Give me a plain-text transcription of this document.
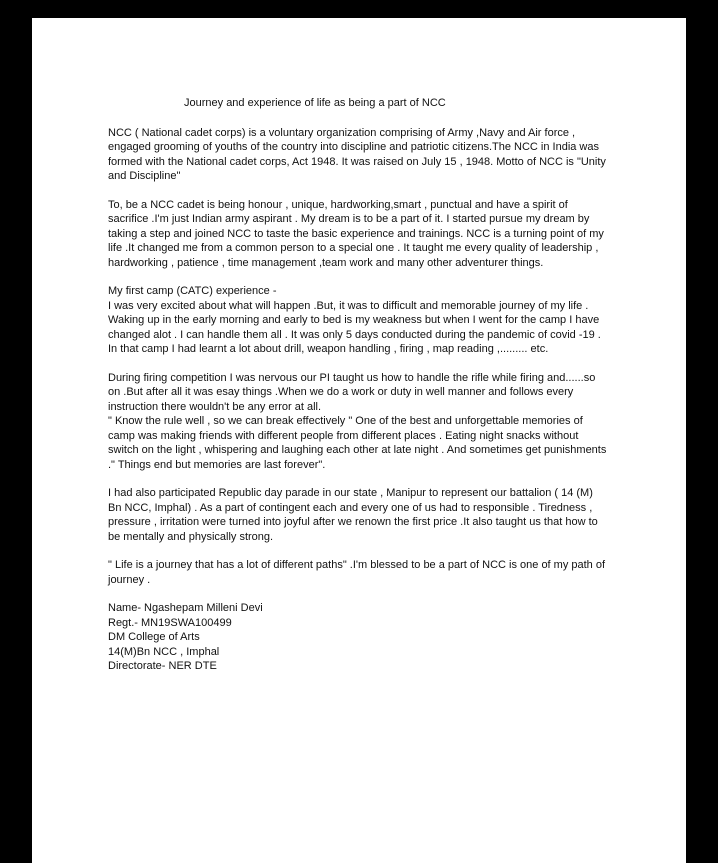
Journey and experience of life as being a part of NCC

NCC ( National cadet corps) is a voluntary organization comprising of Army ,Navy and Air force , engaged grooming of youths of the country into discipline and patriotic citizens.The NCC in India was formed with the National cadet corps, Act 1948. It was raised on July 15 , 1948. Motto of NCC is "Unity and Discipline"

To, be a NCC cadet is being honour , unique, hardworking,smart , punctual and have a spirit of sacrifice .I'm just Indian army aspirant . My dream is to be a part of it. I started pursue my dream by taking a step and joined NCC to taste the basic experience and trainings. NCC is a turning point of my life .It changed me from a common person to a special one . It taught me every quality of leadership , hardworking , patience , time management ,team work and many other adventurer things.

My first camp (CATC) experience -
I was very excited about what will happen .But, it was to difficult and memorable journey of my life . Waking up in the early morning and early to bed is my weakness but when I went for the camp I have changed alot . I can handle them all . It was only 5 days conducted during the pandemic of covid -19 . In that camp I had learnt a lot about drill, weapon handling , firing , map reading ,......... etc.

During firing competition I was nervous our PI taught us how to handle the rifle while firing and......so on .But after all it was esay things .When we do a work or duty in well manner and follows every instruction there wouldn't be any error at all.
" Know the rule well , so we can break effectively " One of the best and unforgettable memories of camp was making friends with different people from different places . Eating night snacks without switch on the light , whispering and laughing each other at late night . And sometimes get punishments ." Things end but memories are last forever".

I had also participated Republic day parade in our state , Manipur to represent our battalion ( 14 (M) Bn NCC, Imphal) . As a part of contingent each and every one of us had to responsible . Tiredness , pressure , irritation were turned into joyful after we renown the first price .It also taught us that how to be mentally and physically strong.

" Life is a journey that has a lot of different paths" .I'm blessed to be a part of NCC is one of my path of journey .

Name- Ngashepam Milleni Devi
Regt.- MN19SWA100499
DM College of Arts
14(M)Bn NCC , Imphal
Directorate- NER DTE
